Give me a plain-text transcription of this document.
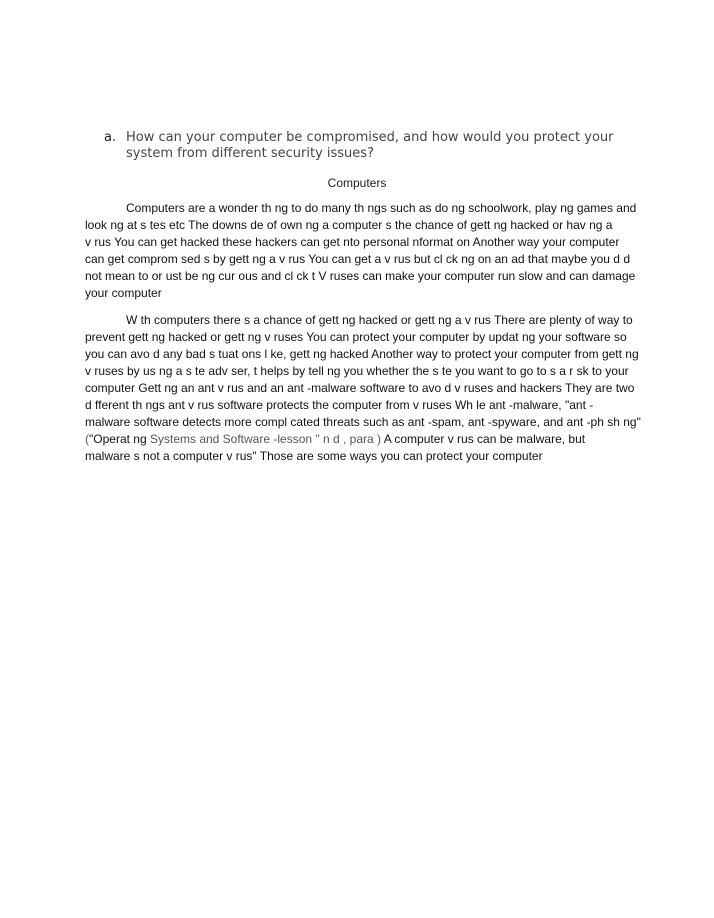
a. How can your computer be compromised, and how would you protect your
system from different security issues?
Computers
Computers are a wonder th ng to do many th ngs such as do ng schoolwork, play ng games and
look ng at s tes etc The downs de of own ng a computer s the chance of gett ng hacked or hav ng a
v rus You can get hacked these hackers can get nto personal nformat on Another way your computer
can get comprom sed s by gett ng a v rus You can get a v rus but cl ck ng on an ad that maybe you d d
not mean to or ust be ng cur ous and cl ck t V ruses can make your computer run slow and can damage
your computer
W th computers there s a chance of gett ng hacked or gett ng a v rus There are plenty of way to
prevent gett ng hacked or gett ng v ruses You can protect your computer by updat ng your software so
you can avo d any bad s tuat ons l ke, gett ng hacked Another way to protect your computer from gett ng
v ruses by us ng a s te adv ser, t helps by tell ng you whether the s te you want to go to s a r sk to your
computer Gett ng an ant v rus and an ant -malware software to avo d v ruses and hackers They are two
d fferent th ngs ant v rus software protects the computer from v ruses Wh le ant -malware, "ant -
malware software detects more compl cated threats such as ant -spam, ant -spyware, and ant -ph sh ng"
("Operat ng Systems and Software -lesson " n d , para ) A computer v rus can be malware, but
malware s not a computer v rus" Those are some ways you can protect your computer
